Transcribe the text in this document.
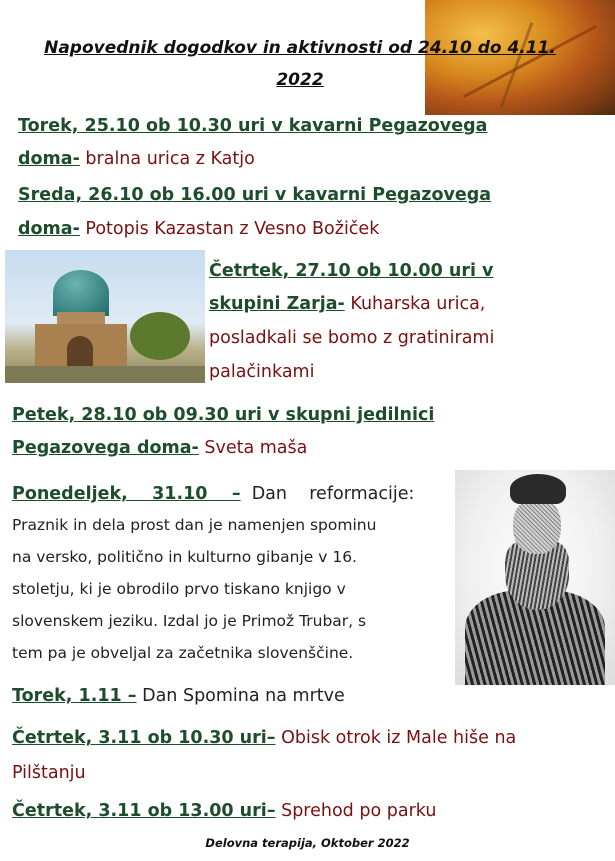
Napovednik dogodkov in aktivnosti od 24.10 do 4.11.
2022
Torek, 25.10 ob 10.30 uri v kavarni Pegazovega
doma- bralna urica z Katjo
Sreda, 26.10 ob 16.00 uri v kavarni Pegazovega
doma- Potopis Kazastan z Vesno Božiček
Četrtek, 27.10 ob 10.00 uri v
skupini Zarja- Kuharska urica,
posladkali se bomo z gratinirami
palačinkami
Petek, 28.10 ob 09.30 uri v skupni jedilnici
Pegazovega doma- Sveta maša
Ponedeljek,    31.10    –  Dan    reformacije:
Praznik in dela prost dan je namenjen spominu
na versko, politično in kulturno gibanje v 16.
stoletju, ki je obrodilo prvo tiskano knjigo v
slovenskem jeziku. Izdal jo je Primož Trubar, s
tem pa je obveljal za začetnika slovenščine.
Torek, 1.11 – Dan Spomina na mrtve
Četrtek, 3.11 ob 10.30 uri– Obisk otrok iz Male hiše na
Pilštanju
Četrtek, 3.11 ob 13.00 uri– Sprehod po parku
Delovna terapija, Oktober 2022
